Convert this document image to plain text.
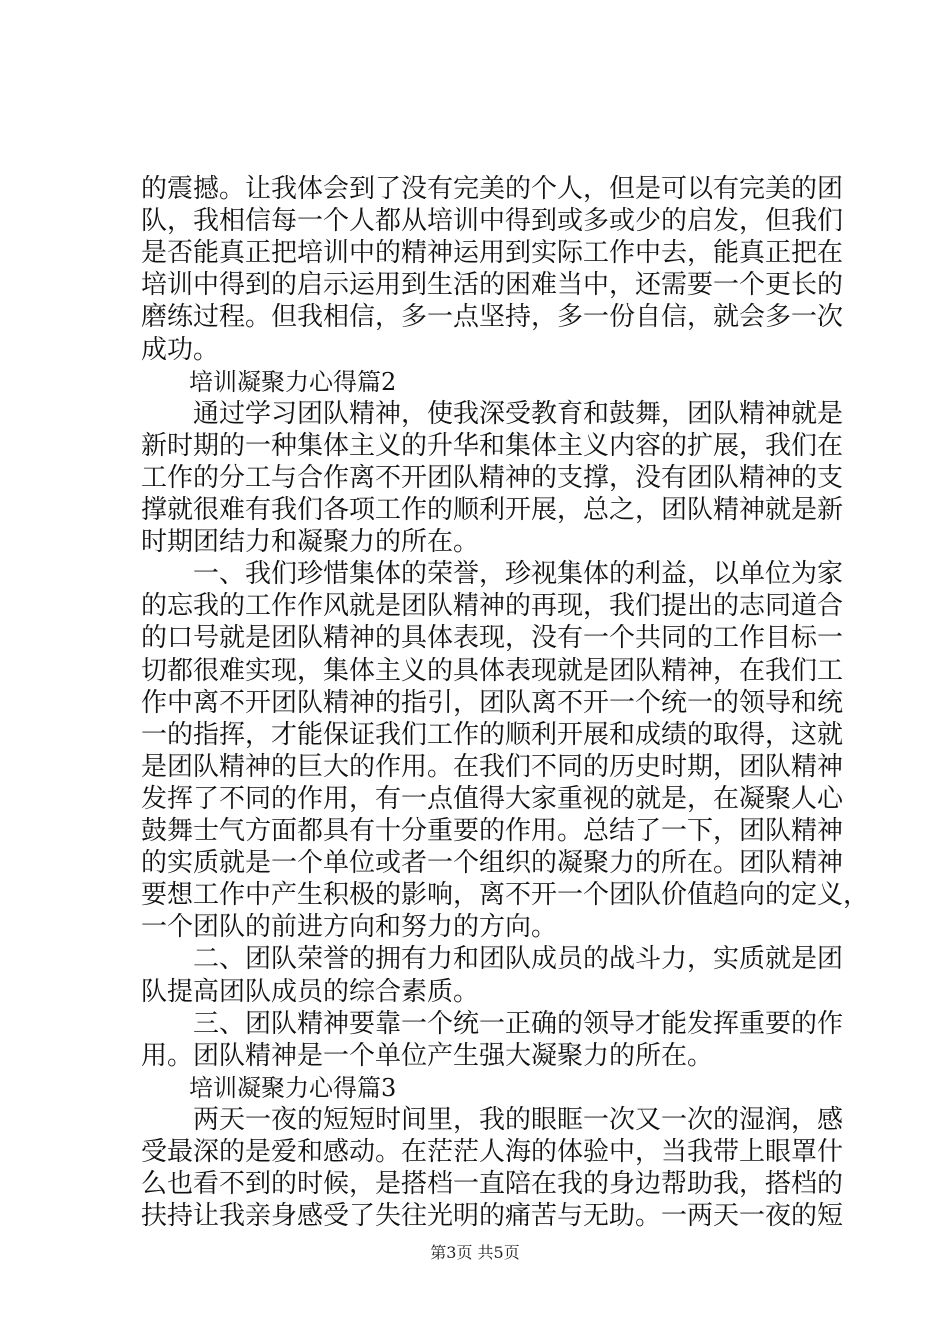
的震撼。让我体会到了没有完美的个人，但是可以有完美的团
队，我相信每一个人都从培训中得到或多或少的启发，但我们
是否能真正把培训中的精神运用到实际工作中去，能真正把在
培训中得到的启示运用到生活的困难当中，还需要一个更长的
磨练过程。但我相信，多一点坚持，多一份自信，就会多一次
成功。
　　培训凝聚力心得篇2
　　通过学习团队精神，使我深受教育和鼓舞，团队精神就是
新时期的一种集体主义的升华和集体主义内容的扩展，我们在
工作的分工与合作离不开团队精神的支撑，没有团队精神的支
撑就很难有我们各项工作的顺利开展，总之，团队精神就是新
时期团结力和凝聚力的所在。
　　一、我们珍惜集体的荣誉，珍视集体的利益，以单位为家
的忘我的工作作风就是团队精神的再现，我们提出的志同道合
的口号就是团队精神的具体表现，没有一个共同的工作目标一
切都很难实现，集体主义的具体表现就是团队精神，在我们工
作中离不开团队精神的指引，团队离不开一个统一的领导和统
一的指挥，才能保证我们工作的顺利开展和成绩的取得，这就
是团队精神的巨大的作用。在我们不同的历史时期，团队精神
发挥了不同的作用，有一点值得大家重视的就是，在凝聚人心
鼓舞士气方面都具有十分重要的作用。总结了一下，团队精神
的实质就是一个单位或者一个组织的凝聚力的所在。团队精神
要想工作中产生积极的影响，离不开一个团队价值趋向的定义，
一个团队的前进方向和努力的方向。
　　二、团队荣誉的拥有力和团队成员的战斗力，实质就是团
队提高团队成员的综合素质。
　　三、团队精神要靠一个统一正确的领导才能发挥重要的作
用。团队精神是一个单位产生强大凝聚力的所在。
　　培训凝聚力心得篇3
　　两天一夜的短短时间里，我的眼眶一次又一次的湿润，感
受最深的是爱和感动。在茫茫人海的体验中，当我带上眼罩什
么也看不到的时候，是搭档一直陪在我的身边帮助我，搭档的
扶持让我亲身感受了失往光明的痛苦与无助。一两天一夜的短
第3页 共5页
